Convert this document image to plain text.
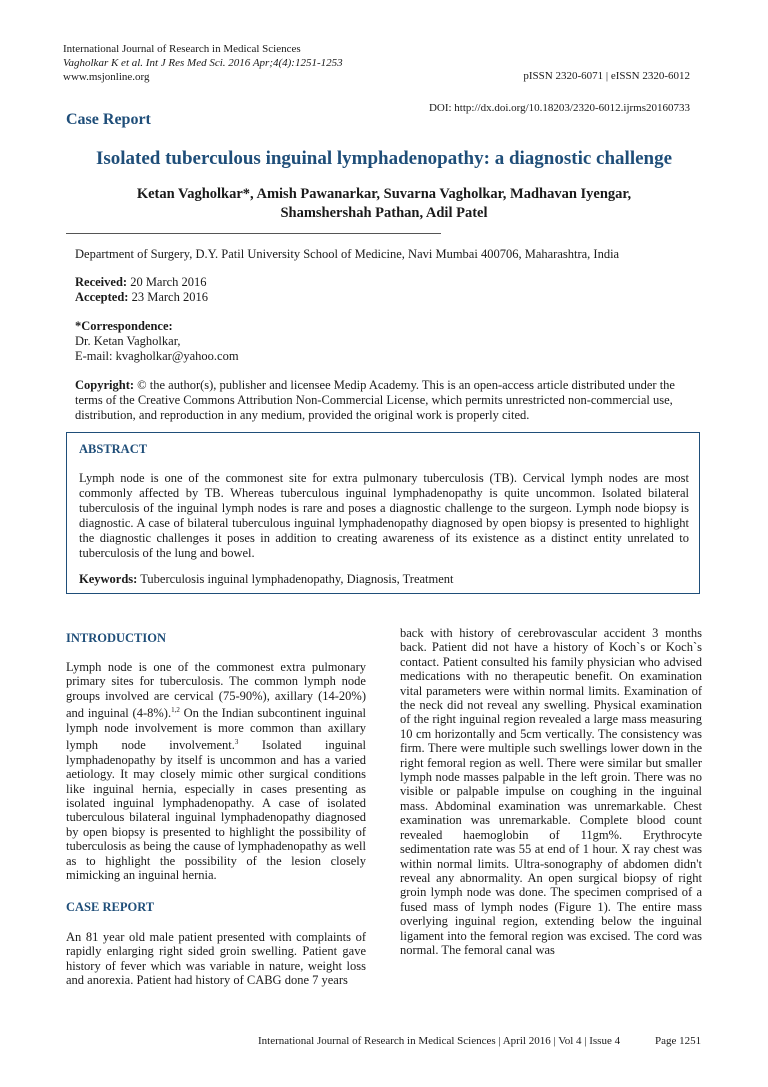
International Journal of Research in Medical Sciences
Vagholkar K et al. Int J Res Med Sci. 2016 Apr;4(4):1251-1253
www.msjonline.org	pISSN 2320-6071 | eISSN 2320-6012
DOI: http://dx.doi.org/10.18203/2320-6012.ijrms20160733
Case Report
Isolated tuberculous inguinal lymphadenopathy: a diagnostic challenge
Ketan Vagholkar*, Amish Pawanarkar, Suvarna Vagholkar, Madhavan Iyengar,
Shamshershah Pathan, Adil Patel
Department of Surgery, D.Y. Patil University School of Medicine, Navi Mumbai 400706, Maharashtra, India
Received: 20 March 2016
Accepted: 23 March 2016
*Correspondence:
Dr. Ketan Vagholkar,
E-mail: kvagholkar@yahoo.com
Copyright: © the author(s), publisher and licensee Medip Academy. This is an open-access article distributed under the terms of the Creative Commons Attribution Non-Commercial License, which permits unrestricted non-commercial use, distribution, and reproduction in any medium, provided the original work is properly cited.
ABSTRACT
Lymph node is one of the commonest site for extra pulmonary tuberculosis (TB). Cervical lymph nodes are most commonly affected by TB. Whereas tuberculous inguinal lymphadenopathy is quite uncommon. Isolated bilateral tuberculosis of the inguinal lymph nodes is rare and poses a diagnostic challenge to the surgeon. Lymph node biopsy is diagnostic. A case of bilateral tuberculous inguinal lymphadenopathy diagnosed by open biopsy is presented to highlight the diagnostic challenges it poses in addition to creating awareness of its existence as a distinct entity unrelated to tuberculosis of the lung and bowel.
Keywords: Tuberculosis inguinal lymphadenopathy, Diagnosis, Treatment
INTRODUCTION
Lymph node is one of the commonest extra pulmonary primary sites for tuberculosis. The common lymph node groups involved are cervical (75-90%), axillary (14-20%) and inguinal (4-8%).$^{1,2}$ On the Indian subcontinent inguinal lymph node involvement is more common than axillary lymph node involvement.$^3$ Isolated inguinal lymphadenopathy by itself is uncommon and has a varied aetiology. It may closely mimic other surgical conditions like inguinal hernia, especially in cases presenting as isolated inguinal lymphadenopathy. A case of isolated tuberculous bilateral inguinal lymphadenopathy diagnosed by open biopsy is presented to highlight the possibility of tuberculosis as being the cause of lymphadenopathy as well as to highlight the possibility of the lesion closely mimicking an inguinal hernia.
CASE REPORT
An 81 year old male patient presented with complaints of rapidly enlarging right sided groin swelling. Patient gave history of fever which was variable in nature, weight loss and anorexia. Patient had history of CABG done 7 years
back with history of cerebrovascular accident 3 months back. Patient did not have a history of Koch`s or Koch`s contact. Patient consulted his family physician who advised medications with no therapeutic benefit. On examination vital parameters were within normal limits. Examination of the neck did not reveal any swelling. Physical examination of the right inguinal region revealed a large mass measuring 10 cm horizontally and 5cm vertically. The consistency was firm. There were multiple such swellings lower down in the right femoral region as well. There were similar but smaller lymph node masses palpable in the left groin. There was no visible or palpable impulse on coughing in the inguinal mass. Abdominal examination was unremarkable. Chest examination was unremarkable. Complete blood count revealed haemoglobin of 11gm%. Erythrocyte sedimentation rate was 55 at end of 1 hour. X ray chest was within normal limits. Ultra-sonography of abdomen didn't reveal any abnormality. An open surgical biopsy of right groin lymph node was done. The specimen comprised of a fused mass of lymph nodes (Figure 1). The entire mass overlying inguinal region, extending below the inguinal ligament into the femoral region was excised. The cord was normal. The femoral canal was
International Journal of Research in Medical Sciences | April 2016 | Vol 4 | Issue 4	Page 1251
